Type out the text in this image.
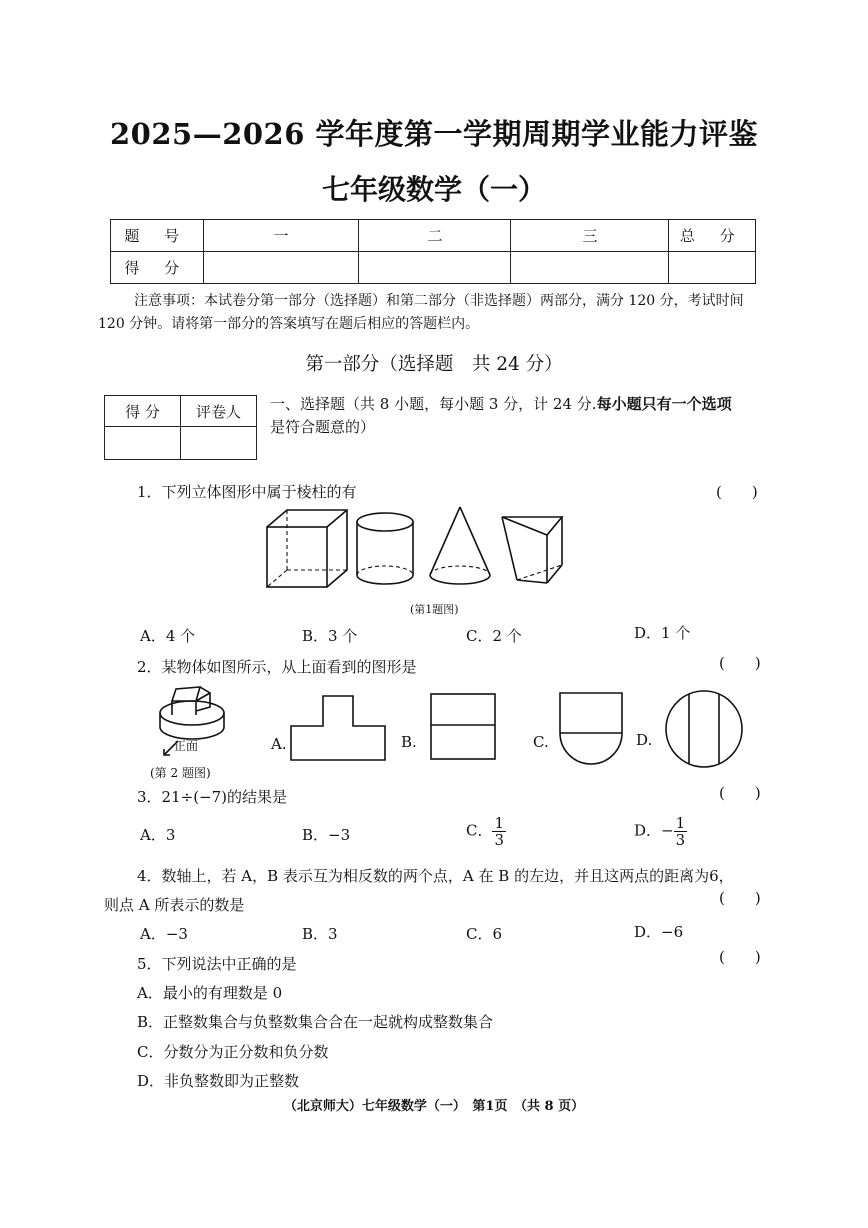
2025—2026 学年度第一学期周期学业能力评鉴
七年级数学（一）
题 号	一	二	三	总 分
得 分				
注意事项：本试卷分第一部分（选择题）和第二部分（非选择题）两部分，满分 120 分，考试时间 120 分钟。请将第一部分的答案填写在题后相应的答题栏内。
第一部分（选择题　共 24 分）
得 分	评卷人
	一、选择题（共 8 小题，每小题 3 分，计 24 分.每小题只有一个选项
是符合题意的）
1．下列立体图形中属于棱柱的有	(　　)
(第1题图)
A．4 个	B．3 个	C．2 个	D．1 个
2．某物体如图所示，从上面看到的图形是	(　　)
正面
(第 2 题图)
A.	B.	C.	D.
3．21÷(−7)的结果是	(　　)
A．3	B．−3	C． $\frac{1}{3}$	D．− $\frac{1}{3}$
4．数轴上，若 A，B 表示互为相反数的两个点，A 在 B 的左边，并且这两点的距离为6，
则点 A 所表示的数是	(　　)
A．−3	B．3	C．6	D．−6
5．下列说法中正确的是	(　　)
A．最小的有理数是 0
B．正整数集合与负整数集合合在一起就构成整数集合
C．分数分为正分数和负分数
D．非负整数即为正整数
（北京师大）七年级数学（一）　第1页　（共 8 页）
